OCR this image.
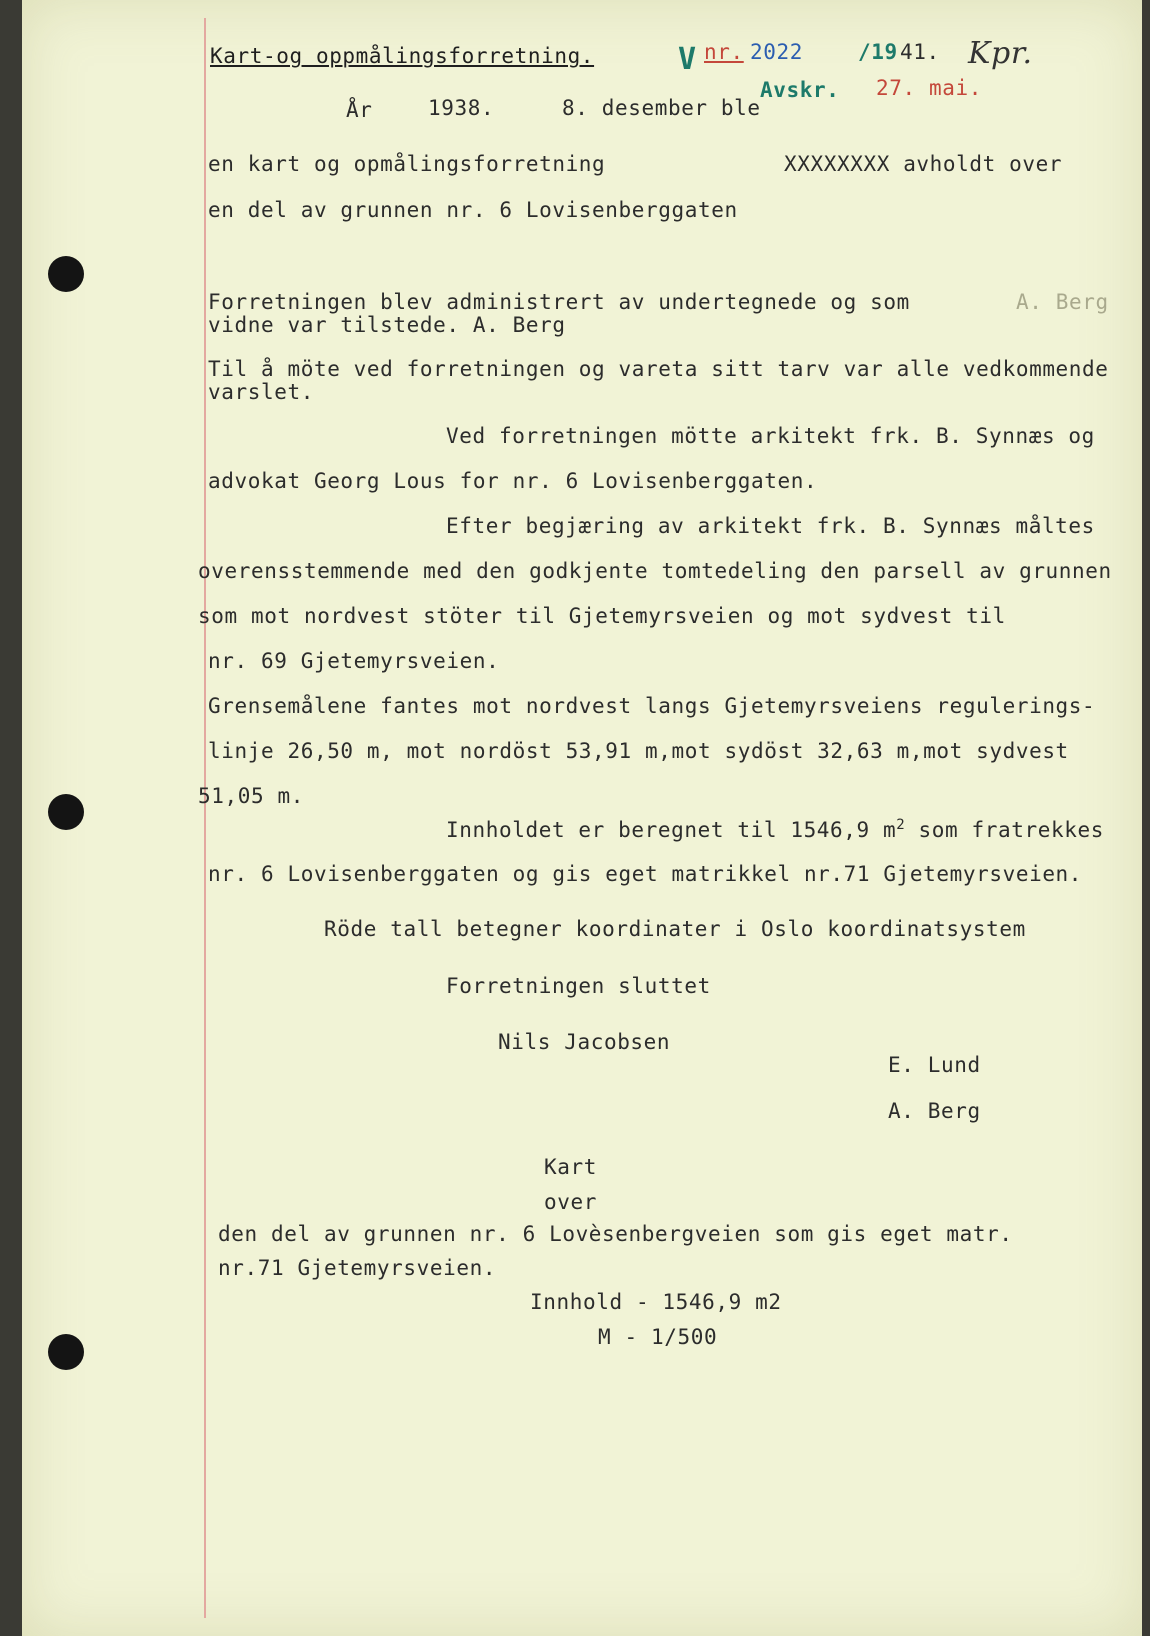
Kart-og oppmålingsforretning.	V nr. 2022	/19 41. Kpr.
Avskr. 27. mai.
År	1938.	8. desember ble
en kart og opmålingsforretning	XXXXXXXX avholdt over
en del av grunnen nr. 6 Lovisenberggaten
Forretningen blev administrert av undertegnede og som	A. Berg
vidne var tilstede. A. Berg
Til å möte ved forretningen og vareta sitt tarv var alle vedkommende
varslet.
Ved forretningen mötte arkitekt frk. B. Synnæs og
advokat Georg Lous for nr. 6 Lovisenberggaten.
Efter begjæring av arkitekt frk. B. Synnæs måltes
overensstemmende med den godkjente tomtedeling den parsell av grunnen
som mot nordvest stöter til Gjetemyrsveien og mot sydvest til
nr. 69 Gjetemyrsveien.
Grensemålene fantes mot nordvest langs Gjetemyrsveiens regulerings-
linje 26,50 m, mot nordöst 53,91 m,mot sydöst 32,63 m,mot sydvest
51,05 m.
Innholdet er beregnet til 1546,9 $m^2$ som fratrekkes
nr. 6 Lovisenberggaten og gis eget matrikkel nr.71 Gjetemyrsveien.
Röde tall betegner koordinater i Oslo koordinatsystem
Forretningen sluttet
Nils Jacobsen
E. Lund
A. Berg
Kart
over
den del av grunnen nr. 6 Lovèsenbergveien som gis eget matr.
nr.71 Gjetemyrsveien.
Innhold - 1546,9 m2
M - 1/500
